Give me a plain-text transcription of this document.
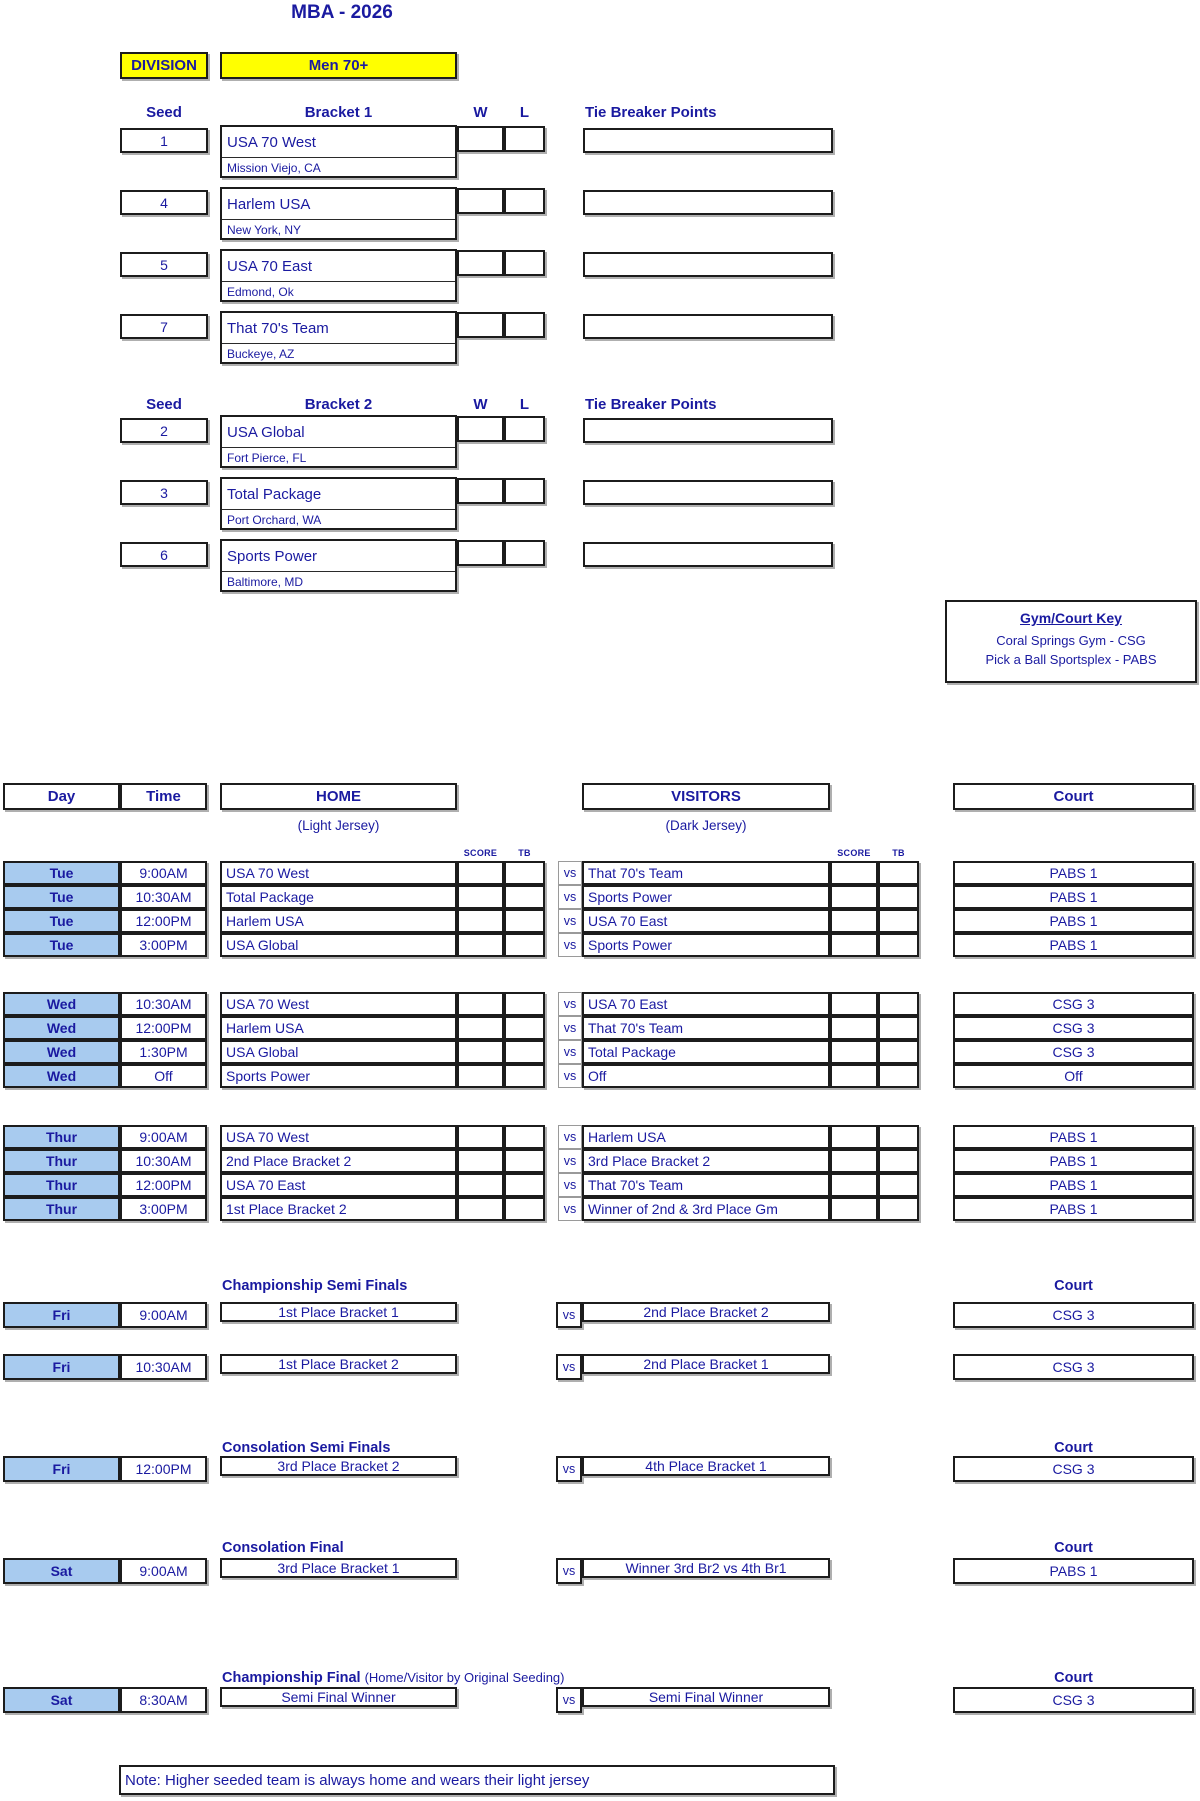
MBA - 2026
DIVISION	Men 70+
Seed	Bracket 1	W	L	Tie Breaker Points
1	USA 70 West
Mission Viejo, CA
4	Harlem USA
New York, NY
5	USA 70 East
Edmond, Ok
7	That 70's Team
Buckeye, AZ
Seed	Bracket 2	W	L	Tie Breaker Points
2	USA Global
Fort Pierce, FL
3	Total Package
Port Orchard, WA
6	Sports Power
Baltimore, MD
Gym/Court Key
Coral Springs Gym - CSG
Pick a Ball Sportsplex - PABS
Day	Time	HOME	VISITORS	Court
(Light Jersey)	(Dark Jersey)
SCORE	TB	SCORE	TB
Tue	9:00AM	USA 70 West	vs That 70's Team	PABS 1
Tue	10:30AM	Total Package	vs Sports Power	PABS 1
Tue	12:00PM	Harlem USA	vs USA 70 East	PABS 1
Tue	3:00PM	USA Global	vs Sports Power	PABS 1
Wed	10:30AM	USA 70 West	vs USA 70 East	CSG 3
Wed	12:00PM	Harlem USA	vs That 70's Team	CSG 3
Wed	1:30PM	USA Global	vs Total Package	CSG 3
Wed	Off	Sports Power	vs Off	Off
Thur	9:00AM	USA 70 West	vs Harlem USA	PABS 1
Thur	10:30AM	2nd Place Bracket 2	vs 3rd Place Bracket 2	PABS 1
Thur	12:00PM	USA 70 East	vs That 70's Team	PABS 1
Thur	3:00PM	1st Place Bracket 2	vs Winner of 2nd & 3rd Place Gm	PABS 1
Championship Semi Finals	Court
Fri	9:00AM	1st Place Bracket 1	vs	2nd Place Bracket 2	CSG 3
Fri	10:30AM	1st Place Bracket 2	vs	2nd Place Bracket 1	CSG 3
Consolation Semi Finals	Court
Fri	12:00PM	3rd Place Bracket 2	vs	4th Place Bracket 1	CSG 3
Consolation Final	Court
Sat	9:00AM	3rd Place Bracket 1	vs	Winner 3rd Br2 vs 4th Br1	PABS 1
Championship Final (Home/Visitor by Original Seeding)	Court
Sat	8:30AM	Semi Final Winner	vs	Semi Final Winner	CSG 3
Note: Higher seeded team is always home and wears their light jersey
